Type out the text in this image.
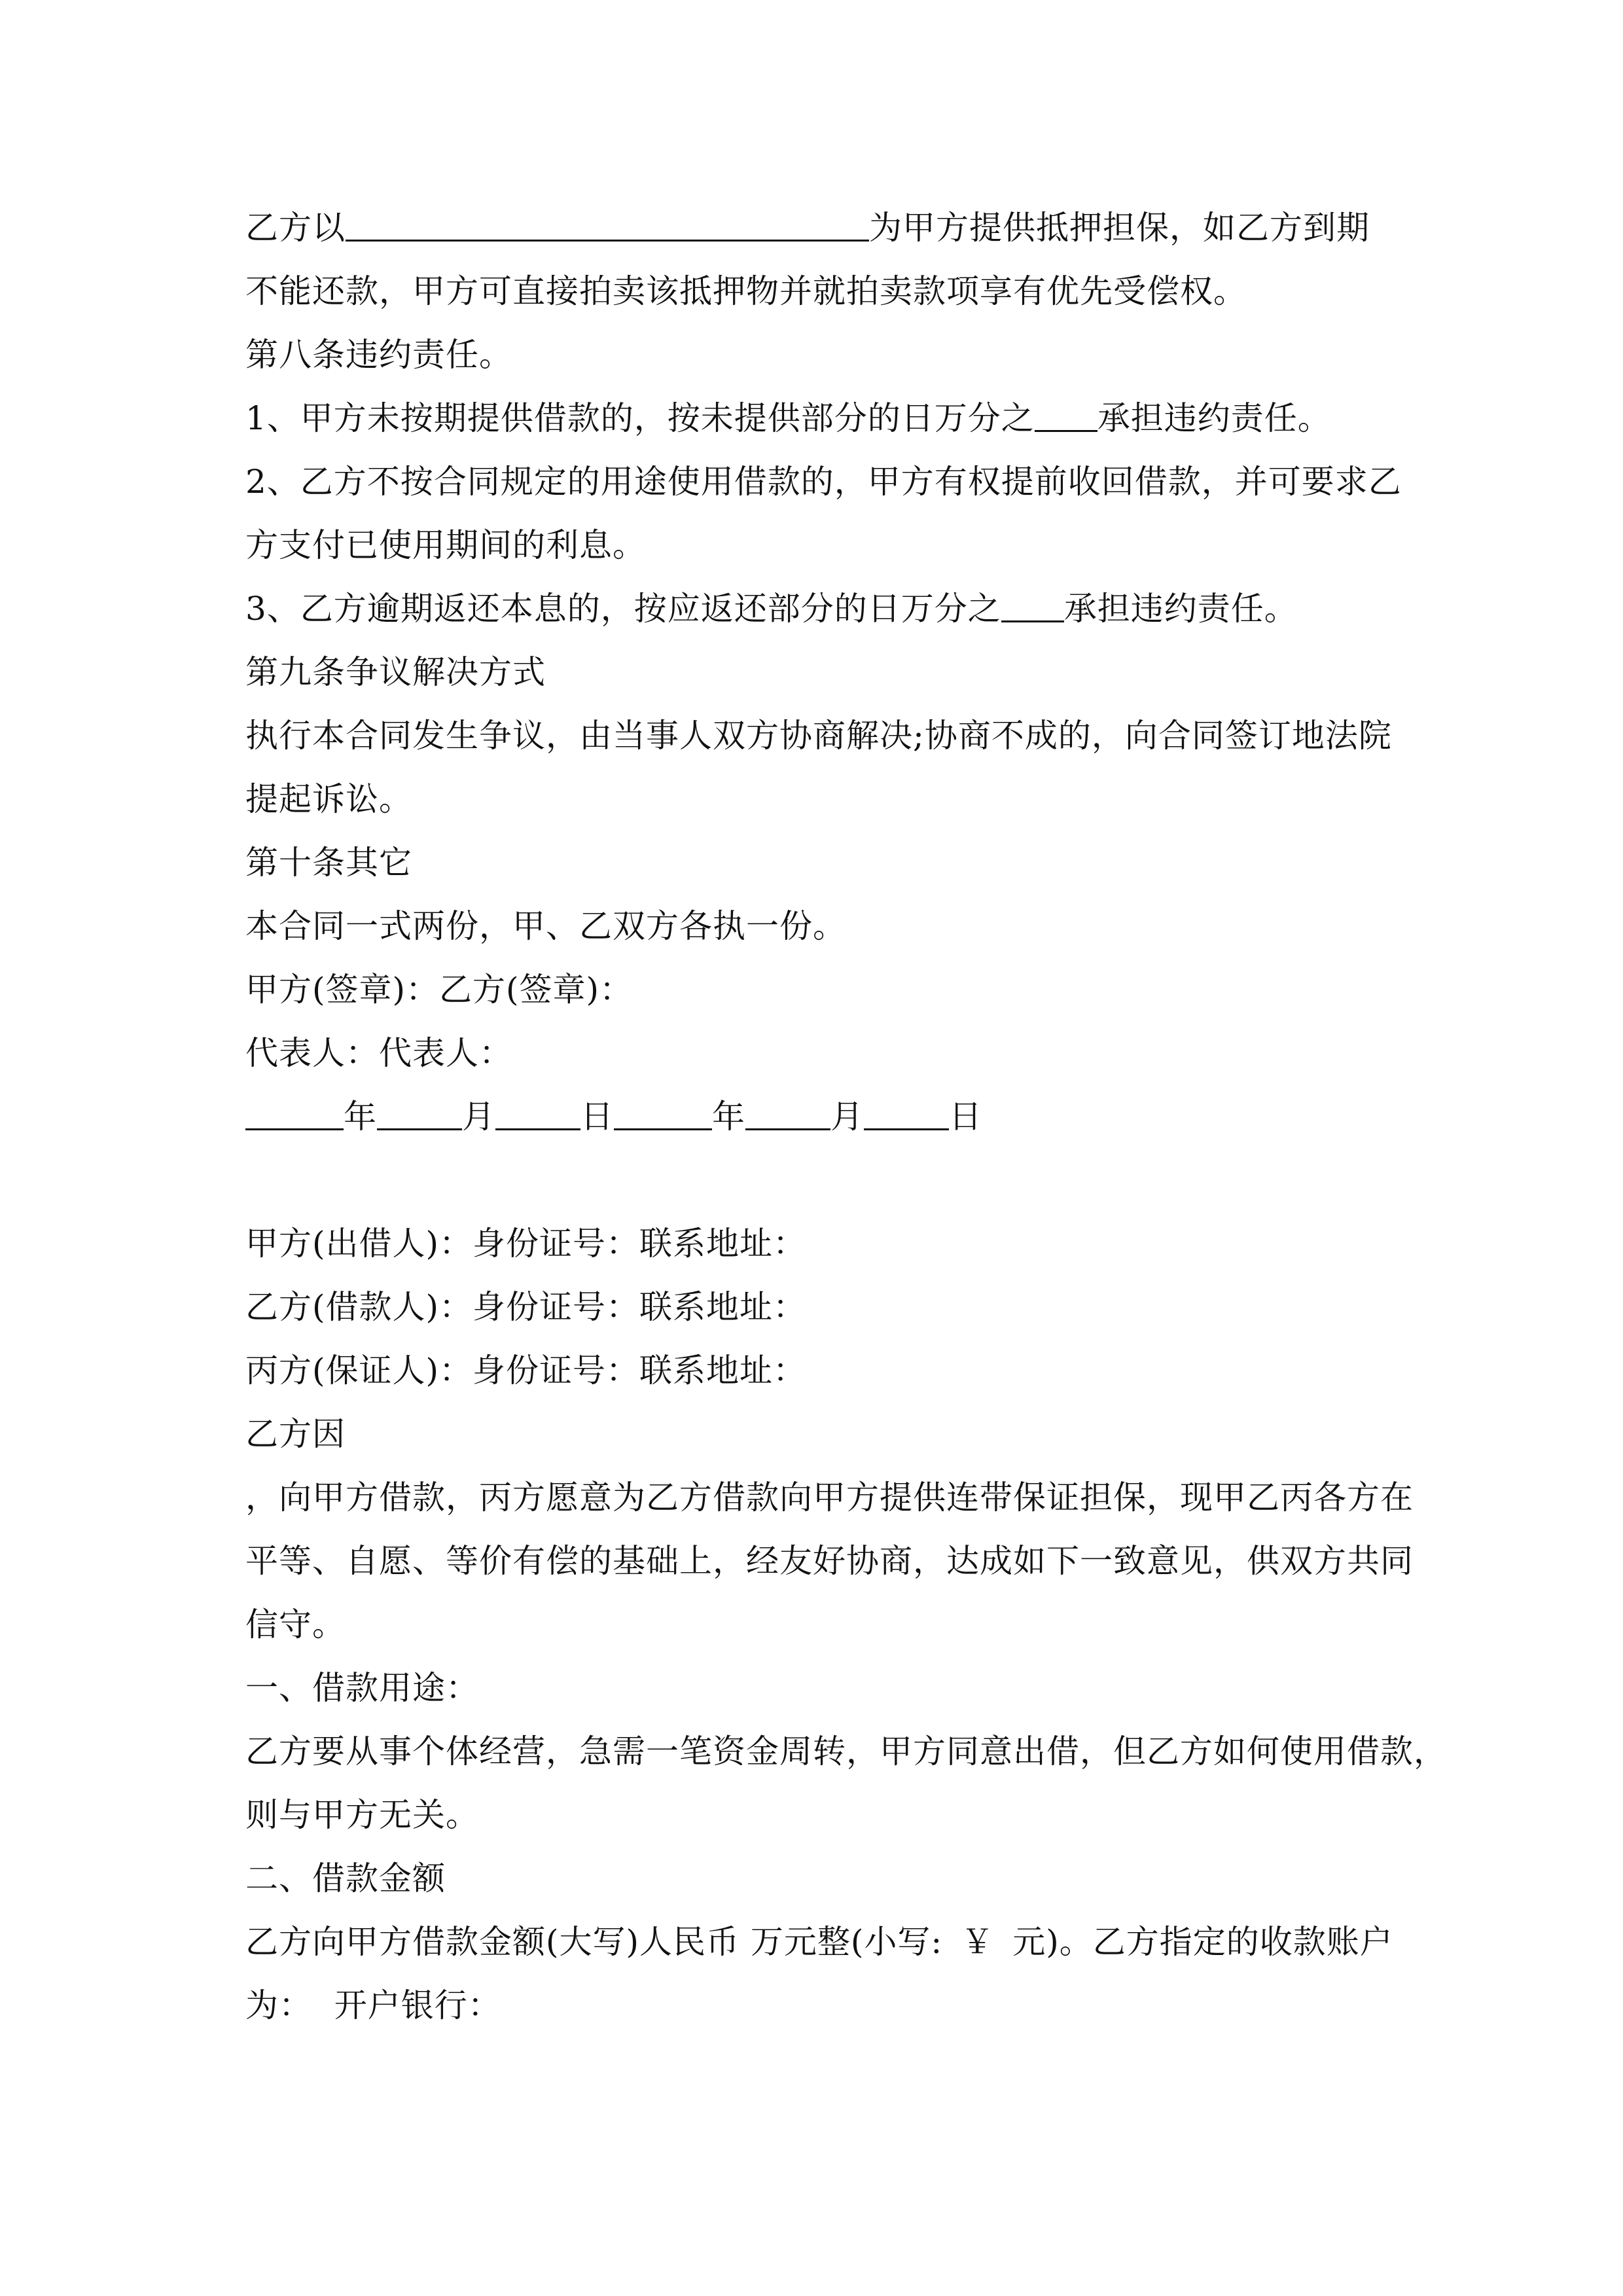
乙方以	为甲方提供抵押担保，如乙方到期
不能还款，甲方可直接拍卖该抵押物并就拍卖款项享有优先受偿权。
第八条违约责任。
1、甲方未按期提供借款的，按未提供部分的日万分之 承担违约责任。
2、乙方不按合同规定的用途使用借款的，甲方有权提前收回借款，并可要求乙
方支付已使用期间的利息。
3、乙方逾期返还本息的，按应返还部分的日万分之 承担违约责任。
第九条争议解决方式
执行本合同发生争议，由当事人双方协商解决;协商不成的，向合同签订地法院
提起诉讼。
第十条其它
本合同一式两份，甲、乙双方各执一份。
甲方(签章)：乙方(签章)：
代表人：代表人：
年	月	日	年	月	日
甲方(出借人)：身份证号：联系地址：
乙方(借款人)：身份证号：联系地址：
丙方(保证人)：身份证号：联系地址：
乙方因
，向甲方借款，丙方愿意为乙方借款向甲方提供连带保证担保，现甲乙丙各方在
平等、自愿、等价有偿的基础上，经友好协商，达成如下一致意见，供双方共同
信守。
一、借款用途：
乙方要从事个体经营，急需一笔资金周转，甲方同意出借，但乙方如何使用借款，
则与甲方无关。
二、借款金额
乙方向甲方借款金额(大写)人民币 万元整(小写: ￥ 元)。乙方指定的收款账户
为：  开户银行：
